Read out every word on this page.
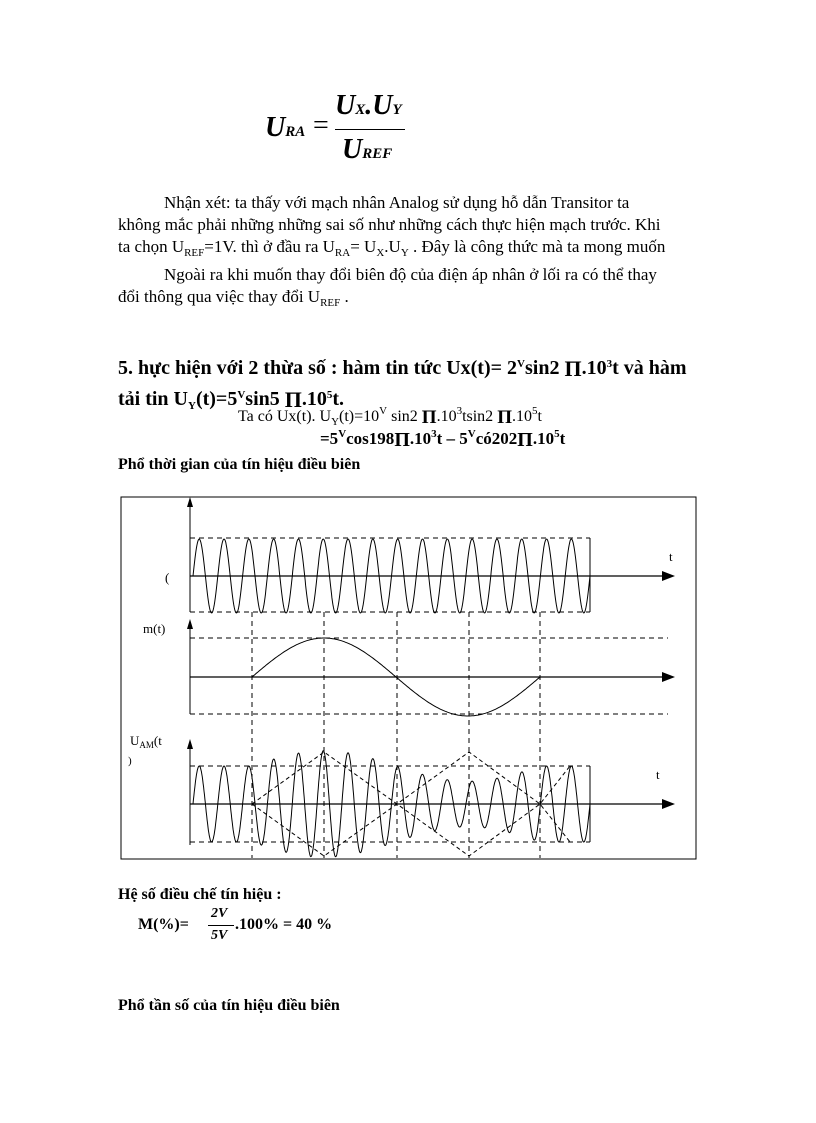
URA =
UX.UY
UREF
Nhận xét: ta thấy với mạch nhân Analog sử dụng hỗ dẫn Transitor ta
không mắc phải những những sai số như những cách thực hiện mạch trước. Khi
ta chọn $U_{REF}=1V$. thì ở đầu ra $U_{RA}= U_X.U_Y$ . Đây là công thức mà ta mong muốn
Ngoài ra khi muốn thay đổi biên độ của điện áp nhân ở lối ra có thể thay
đổi thông qua việc thay đổi $U_{REF}$ .
5. hực hiện với 2 thừa số : hàm tin tức $Ux(t)= 2^V\sin 2$ $\Pi.10^3t$ và hàm
tải tin $U_Y(t)=5^V\sin 5$ $\Pi.10^5t$.
Ta có Ux(t). $U_Y(t)=10^V$ sin2 $\Pi.10^3tsin2$ $\Pi.10^5t$
$=5^V\cos 198\Pi.10^3t$ – $5^Vcó202\Pi.10^5t$
Phổ thời gian của tín hiệu điều biên
(
t
m(t)
$U_{AM}(t$
)
t
Hệ số điều chế tín hiệu :
M(%)=
2V
5V
.100% = 40 %
Phổ tần số của tín hiệu điều biên
